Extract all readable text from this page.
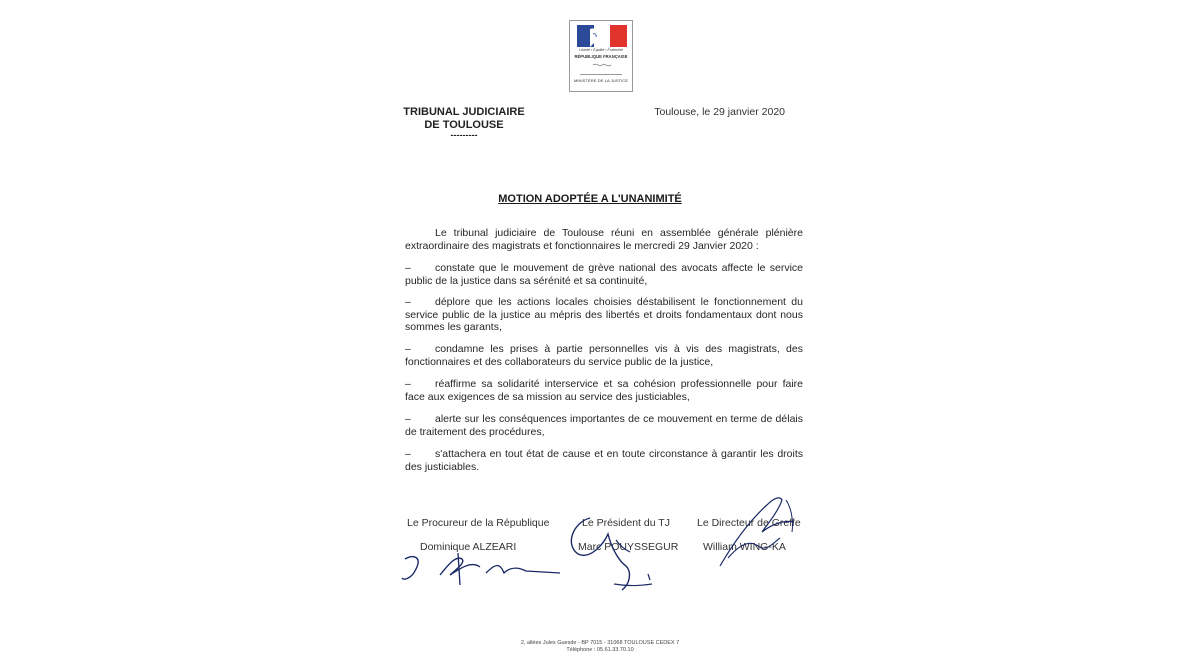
Liberté • Égalité • Fraternité
RÉPUBLIQUE FRANÇAISE
MINISTÈRE DE LA JUSTICE
TRIBUNAL JUDICIAIRE
DE TOULOUSE
---------
Toulouse, le 29 janvier 2020
MOTION ADOPTÉE A L'UNANIMITÉ
Le tribunal judiciaire de Toulouse réuni en assemblée générale plénière extraordinaire des magistrats et fonctionnaires le mercredi 29 Janvier 2020 :
–	constate que le mouvement de grève national des avocats affecte le service public de la justice dans sa sérénité et sa continuité,
–	déplore que les actions locales choisies déstabilisent le fonctionnement du service public de la justice au mépris des libertés et droits fondamentaux dont nous sommes les garants,
–	condamne les prises à partie personnelles vis à vis des magistrats, des fonctionnaires et des collaborateurs du service public de la justice,
–	réaffirme sa solidarité interservice et sa cohésion professionnelle pour faire face aux exigences de sa mission au service des justiciables,
–	alerte sur les conséquences importantes de ce mouvement en terme de délais de traitement des procédures,
–	s'attachera en tout état de cause et en toute circonstance à garantir les droits des justiciables.
Le Procureur de la République
Dominique ALZEARI
Le Président du TJ
Marc POUYSSEGUR
Le Directeur de Greffe
William WING-KA
2, allées Jules Guesde - BP 7015 - 31068 TOULOUSE CEDEX 7
Téléphone : 05.61.33.70.10
